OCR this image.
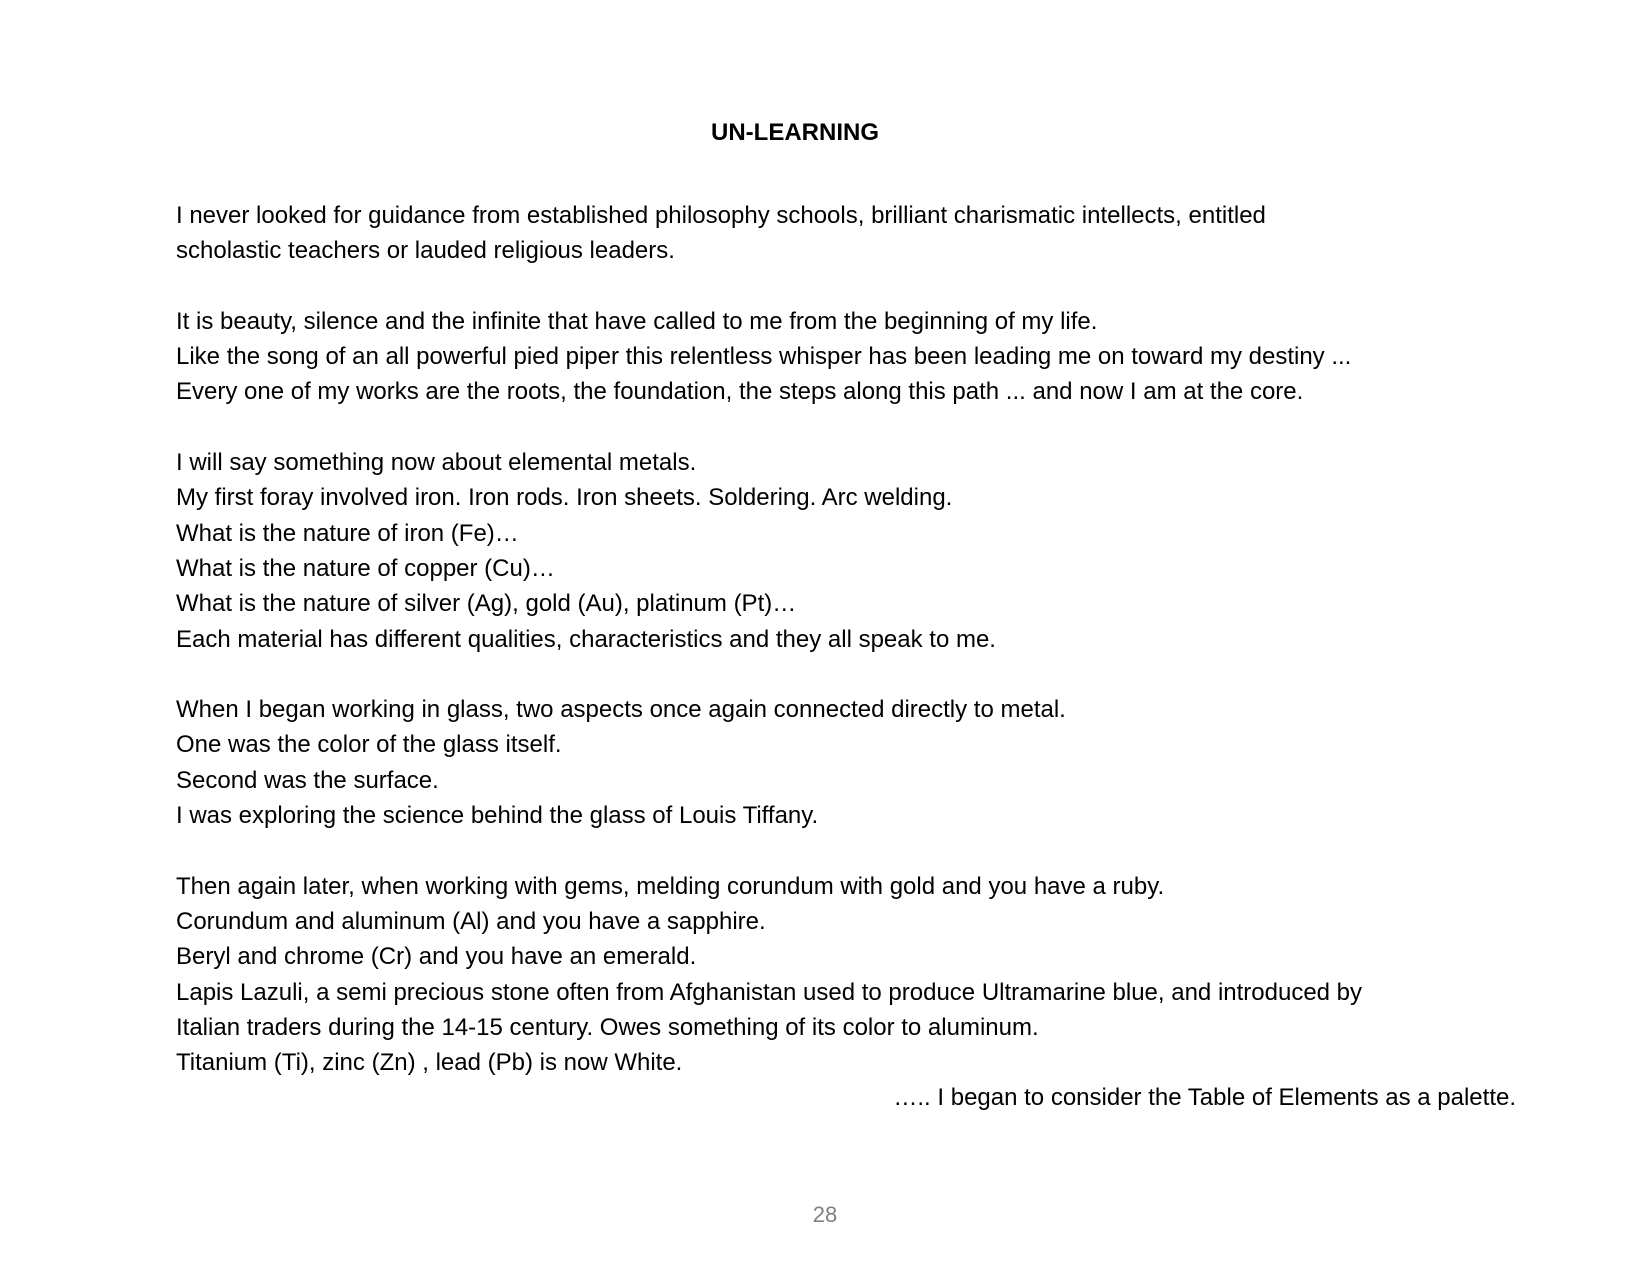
UN-LEARNING
I never looked for guidance from established philosophy schools, brilliant charismatic intellects, entitled
scholastic teachers or lauded religious leaders.
It is beauty, silence and the infinite that have called to me from the beginning of my life.
Like the song of an all powerful pied piper this relentless whisper has been leading me on toward my destiny ...
Every one of my works are the roots, the foundation, the steps along this path ... and now I am at the core.
I will say something now about elemental metals.
My first foray involved iron. Iron rods. Iron sheets. Soldering. Arc welding.
What is the nature of iron (Fe)…
What is the nature of copper (Cu)…
What is the nature of silver (Ag), gold (Au), platinum (Pt)…
Each material has different qualities, characteristics and they all speak to me.
When I began working in glass, two aspects once again connected directly to metal.
One was the color of the glass itself.
Second was the surface.
I was exploring the science behind the glass of Louis Tiffany.
Then again later, when working with gems, melding corundum with gold and you have a ruby.
Corundum and aluminum (Al) and you have a sapphire.
Beryl and chrome (Cr) and you have an emerald.
Lapis Lazuli, a semi precious stone often from Afghanistan used to produce Ultramarine blue, and introduced by
Italian traders during the 14-15 century. Owes something of its color to aluminum.
Titanium (Ti), zinc (Zn) , lead (Pb) is now White.
….. I began to consider the Table of Elements as a palette.
28
